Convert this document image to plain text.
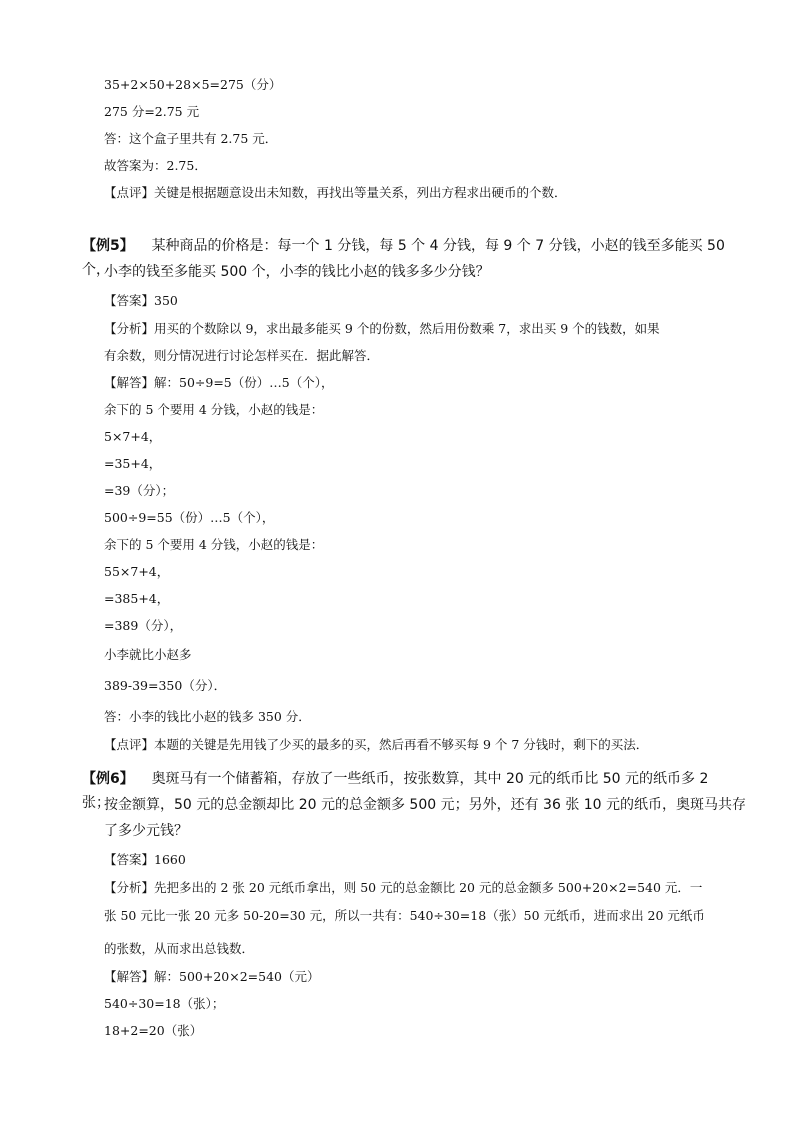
35+2×50+28×5=275（分）
275 分=2.75 元
答：这个盒子里共有 2.75 元．
故答案为：2.75．
【点评】关键是根据题意设出未知数，再找出等量关系，列出方程求出硬币的个数．
【例5】 某种商品的价格是：每一个 1 分钱，每 5 个 4 分钱，每 9 个 7 分钱，小赵的钱至多能买 50 个，
小李的钱至多能买 500 个，小李的钱比小赵的钱多多少分钱？
【答案】350
【分析】用买的个数除以 9，求出最多能买 9 个的份数，然后用份数乘 7，求出买 9 个的钱数，如果
有余数，则分情况进行讨论怎样买在．据此解答．
【解答】解：50÷9=5（份）…5（个），
余下的 5 个要用 4 分钱，小赵的钱是：
5×7+4，
=35+4，
=39（分）；
500÷9=55（份）…5（个），
余下的 5 个要用 4 分钱，小赵的钱是：
55×7+4，
=385+4，
=389（分），
小李就比小赵多
389-39=350（分）．
答：小李的钱比小赵的钱多 350 分．
【点评】本题的关键是先用钱了少买的最多的买，然后再看不够买每 9 个 7 分钱时，剩下的买法．
【例6】 奥斑马有一个储蓄箱，存放了一些纸币，按张数算，其中 20 元的纸币比 50 元的纸币多 2 张；
按金额算，50 元的总金额却比 20 元的总金额多 500 元；另外，还有 36 张 10 元的纸币，奥斑马共存
了多少元钱？
【答案】1660
【分析】先把多出的 2 张 20 元纸币拿出，则 50 元的总金额比 20 元的总金额多 500+20×2=540 元．一
张 50 元比一张 20 元多 50-20=30 元，所以一共有：540÷30=18（张）50 元纸币，进而求出 20 元纸币
的张数，从而求出总钱数．
【解答】解：500+20×2=540（元）
540÷30=18（张）；
18+2=20（张）
